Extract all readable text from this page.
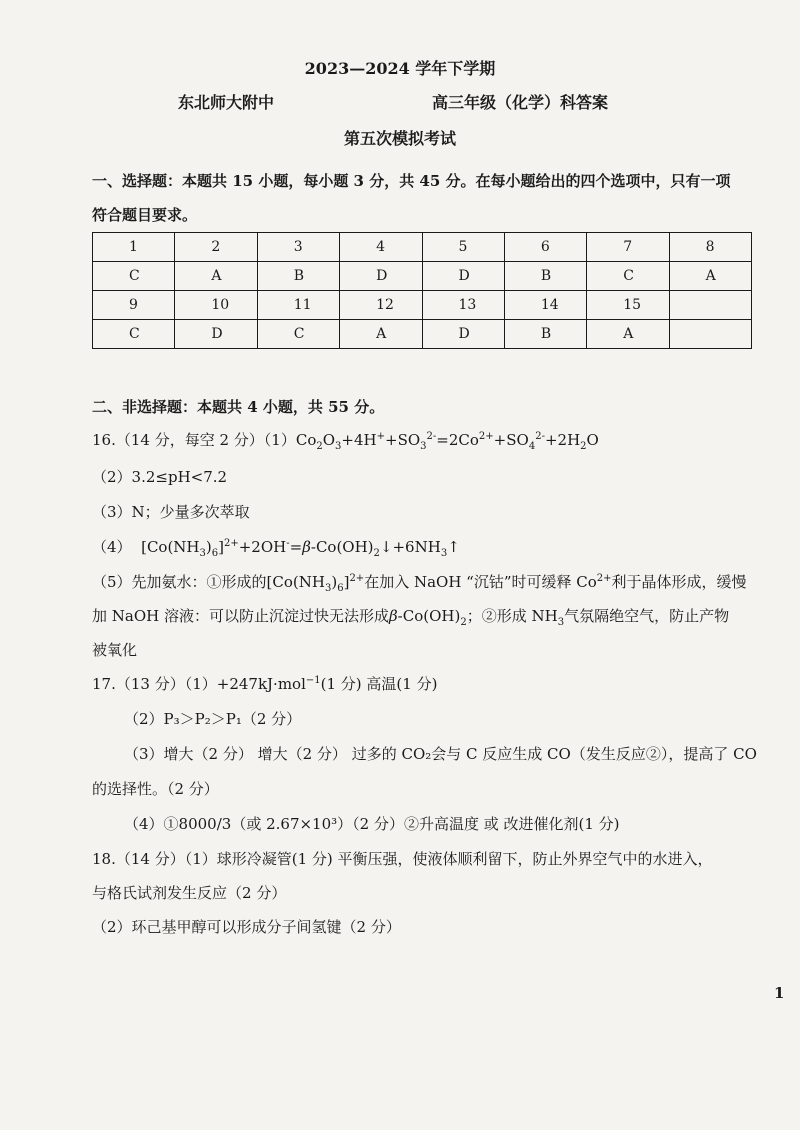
2023—2024 学年下学期
东北师大附中	高三年级（化学）科答案
第五次模拟考试
一、选择题：本题共 15 小题，每小题 3 分，共 45 分。在每小题给出的四个选项中，只有一项
符合题目要求。
1	2	3	4	5	6	7	8
C	A	B	D	D	B	C	A
9	10	11	12	13	14	15	
C	D	C	A	D	B	A	
二、非选择题：本题共 4 小题，共 55 分。
16.（14 分，每空 2 分）$(1)Co_2O_3+4H^++SO_3^{2-}=2Co^{2+}+SO_4^{2-}+2H_2O$
（2）3.2≤pH<7.2
（3）N；少量多次萃取
（4） $[Co(NH_3)_6]^{2+}+2OH^-=\beta-Co(OH)_2↓+6NH_3↑$
（5）先加氨水：①形成的$[Co(NH_3)_6]^{2+}$在加入 NaOH “沉钴”时可缓释 $Co^{2+}$利于晶体形成，缓慢
加 NaOH 溶液：可以防止沉淀过快无法形成$\beta-Co(OH)_2$；②形成 $NH_3$气氛隔绝空气，防止产物
被氧化
17.（13 分）（1）+247kJ·mol$^{-1}$(1 分) 高温(1 分)
（2）P₃＞P₂＞P₁（2 分）
（3）增大（2 分） 增大（2 分） 过多的 CO₂会与 C 反应生成 CO（发生反应②），提高了 CO
的选择性。（2 分）
（4）①8000/3（或 2.67×10³）（2 分）②升高温度 或 改进催化剂(1 分)
18.（14 分）（1）球形冷凝管(1 分) 平衡压强，使液体顺利留下，防止外界空气中的水进入，
与格氏试剂发生反应（2 分）
（2）环己基甲醇可以形成分子间氢键（2 分）
1
